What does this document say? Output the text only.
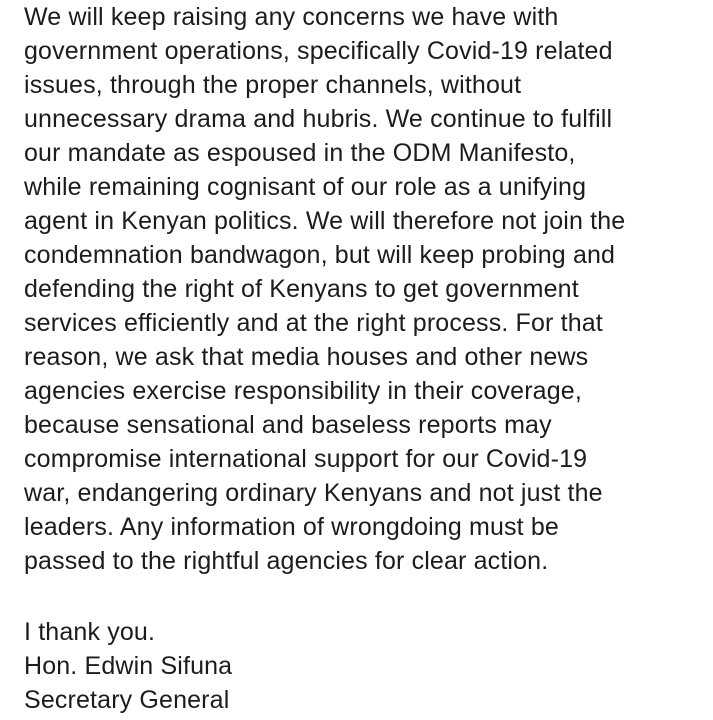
We will keep raising any concerns we have with
government operations, specifically Covid-19 related
issues, through the proper channels, without
unnecessary drama and hubris. We continue to fulfill
our mandate as espoused in the ODM Manifesto,
while remaining cognisant of our role as a unifying
agent in Kenyan politics. We will therefore not join the
condemnation bandwagon, but will keep probing and
defending the right of Kenyans to get government
services efficiently and at the right process. For that
reason, we ask that media houses and other news
agencies exercise responsibility in their coverage,
because sensational and baseless reports may
compromise international support for our Covid-19
war, endangering ordinary Kenyans and not just the
leaders. Any information of wrongdoing must be
passed to the rightful agencies for clear action.
I thank you.
Hon. Edwin Sifuna
Secretary General
